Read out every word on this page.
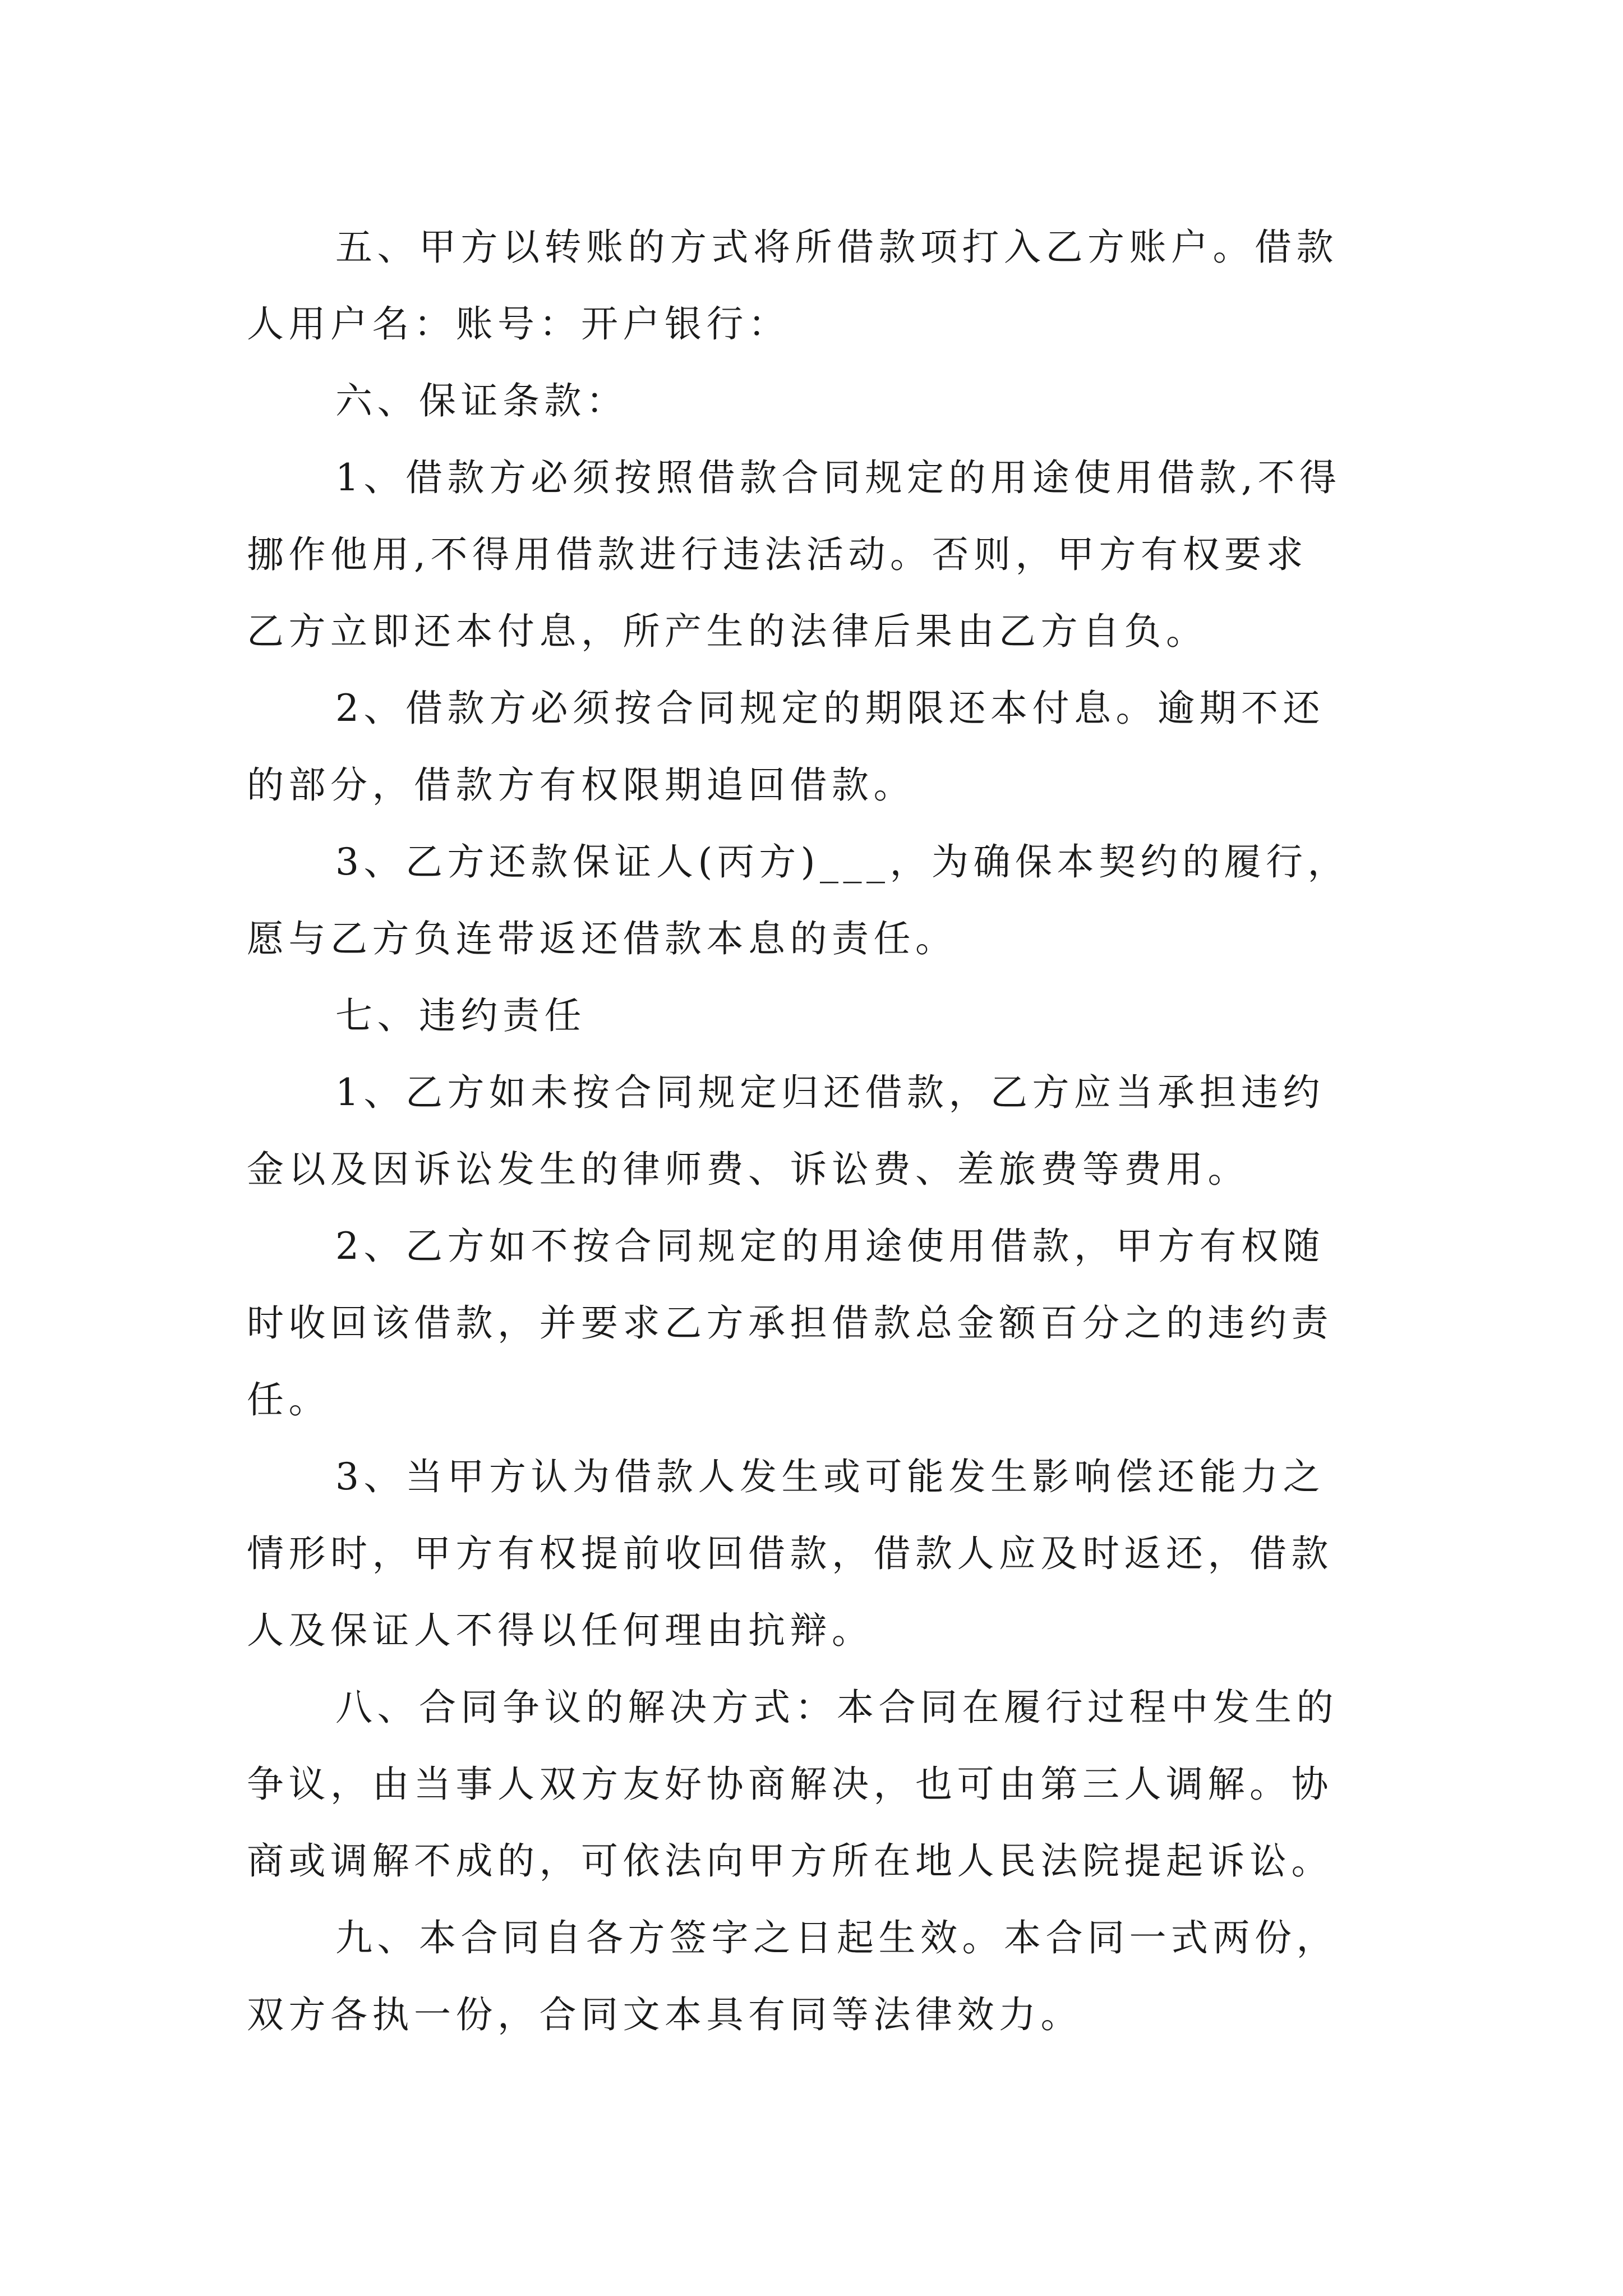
五、甲方以转账的方式将所借款项打入乙方账户。借款
人用户名：账号：开户银行：
六、保证条款：
1、借款方必须按照借款合同规定的用途使用借款,不得
挪作他用,不得用借款进行违法活动。否则，甲方有权要求
乙方立即还本付息，所产生的法律后果由乙方自负。
2、借款方必须按合同规定的期限还本付息。逾期不还
的部分，借款方有权限期追回借款。
3、乙方还款保证人(丙方)___，为确保本契约的履行，
愿与乙方负连带返还借款本息的责任。
七、违约责任
1、乙方如未按合同规定归还借款，乙方应当承担违约
金以及因诉讼发生的律师费、诉讼费、差旅费等费用。
2、乙方如不按合同规定的用途使用借款，甲方有权随
时收回该借款，并要求乙方承担借款总金额百分之的违约责
任。
3、当甲方认为借款人发生或可能发生影响偿还能力之
情形时，甲方有权提前收回借款，借款人应及时返还，借款
人及保证人不得以任何理由抗辩。
八、合同争议的解决方式：本合同在履行过程中发生的
争议，由当事人双方友好协商解决，也可由第三人调解。协
商或调解不成的，可依法向甲方所在地人民法院提起诉讼。
九、本合同自各方签字之日起生效。本合同一式两份，
双方各执一份，合同文本具有同等法律效力。
